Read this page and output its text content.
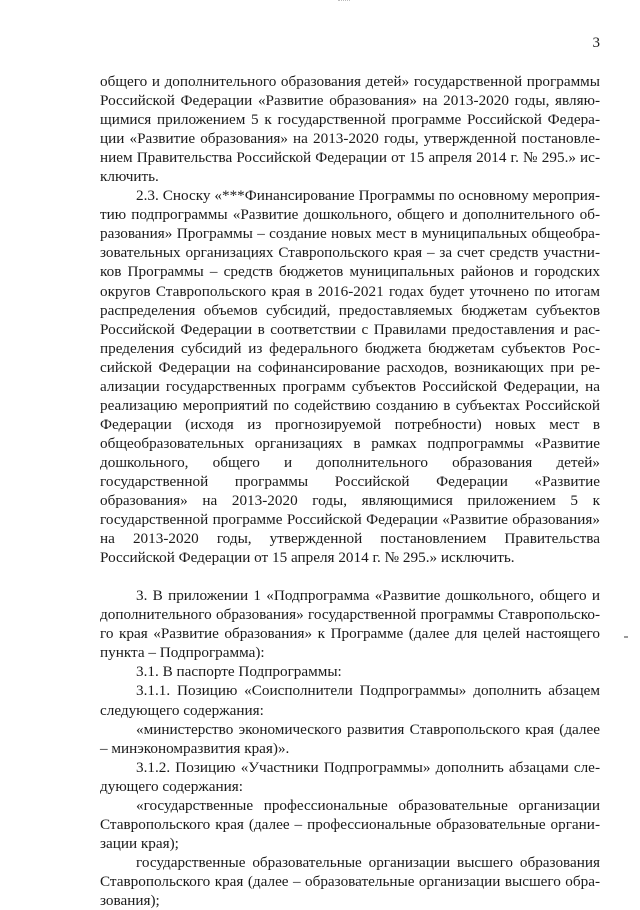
3

общего и дополнительного образования детей» государственной программы Российской Федерации «Развитие образования» на 2013-2020 годы, являющимися приложением 5 к государственной программе Российской Федерации «Развитие образования» на 2013-2020 годы, утвержденной постановлением Правительства Российской Федерации от 15 апреля 2014 г. № 295.» исключить.

2.3. Сноску «***Финансирование Программы по основному мероприятию подпрограммы «Развитие дошкольного, общего и дополнительного образования» Программы – создание новых мест в муниципальных общеобразовательных организациях Ставропольского края – за счет средств участников Программы – средств бюджетов муниципальных районов и городских округов Ставропольского края в 2016-2021 годах будет уточнено по итогам распределения объемов субсидий, предоставляемых бюджетам субъектов Российской Федерации в соответствии с Правилами предоставления и распределения субсидий из федерального бюджета бюджетам субъектов Российской Федерации на софинансирование расходов, возникающих при реализации государственных программ субъектов Российской Федерации, на реализацию мероприятий по содействию созданию в субъектах Российской Федерации (исходя из прогнозируемой потребности) новых мест в общеобразовательных организациях в рамках подпрограммы «Развитие дошкольного, общего и дополнительного образования детей» государственной программы Российской Федерации «Развитие образования» на 2013-2020 годы, являющимися приложением 5 к государственной программе Российской Федерации «Развитие образования» на 2013-2020 годы, утвержденной постановлением Правительства Российской Федерации от 15 апреля 2014 г. № 295.» исключить.

3. В приложении 1 «Подпрограмма «Развитие дошкольного, общего и дополнительного образования» государственной программы Ставропольского края «Развитие образования» к Программе (далее для целей настоящего пункта – Подпрограмма):

3.1. В паспорте Подпрограммы:

3.1.1. Позицию «Соисполнители Подпрограммы» дополнить абзацем следующего содержания:

«министерство экономического развития Ставропольского края (далее – минэкономразвития края)».

3.1.2. Позицию «Участники Подпрограммы» дополнить абзацами следующего содержания:

«государственные профессиональные образовательные организации Ставропольского края (далее – профессиональные образовательные организации края);

государственные образовательные организации высшего образования Ставропольского края (далее – образовательные организации высшего образования);
